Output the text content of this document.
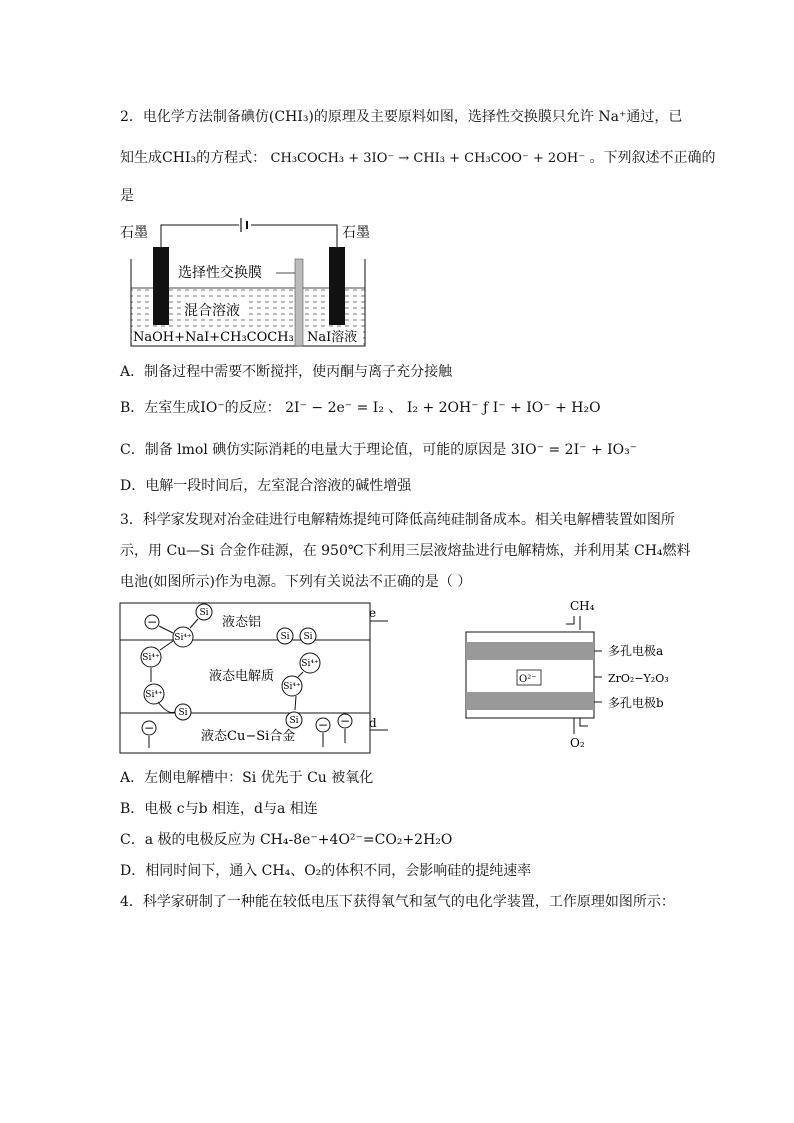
2．电化学方法制备碘仿(CHI₃)的原理及主要原料如图，选择性交换膜只允许 Na⁺通过，已
知生成CHI₃的方程式： CH₃COCH₃ + 3IO⁻ → CHI₃ + CH₃COO⁻ + 2OH⁻ 。下列叙述不正确的
是
石墨	石墨
选择性交换膜
混合溶液
NaOH+NaI+CH₃COCH₃ NaI溶液
A．制备过程中需要不断搅拌，使丙酮与离子充分接触
B．左室生成IO⁻的反应： 2I⁻ − 2e⁻ = I₂ 、 I₂ + 2OH⁻ ƒ I⁻ + IO⁻ + H₂O
C．制备 lmol 碘仿实际消耗的电量大于理论值，可能的原因是 3IO⁻ = 2I⁻ + IO₃⁻
D．电解一段时间后，左室混合溶液的碱性增强
3．科学家发现对冶金硅进行电解精炼提纯可降低高纯硅制备成本。相关电解槽装置如图所
示，用 Cu—Si 合金作硅源，在 950℃下利用三层液熔盐进行电解精炼，并利用某 CH₄燃料
电池(如图所示)作为电源。下列有关说法不正确的是（ ）
e
d
液态铝
液态电解质
液态Cu−Si合金
−
Si
Si⁴⁺	Si Si
Si⁴⁺
Si⁴⁺
Si⁴⁺
Si⁴⁺
Si
Si
−	− −
CH₄
O²⁻
多孔电极a
ZrO₂−Y₂O₃
多孔电极b
O₂
A．左侧电解槽中：Si 优先于 Cu 被氧化
B．电极 c与b 相连，d与a 相连
C．a 极的电极反应为 CH₄-8e⁻+4O²⁻=CO₂+2H₂O
D．相同时间下，通入 CH₄、O₂的体积不同，会影响硅的提纯速率
4．科学家研制了一种能在较低电压下获得氧气和氢气的电化学装置，工作原理如图所示：
